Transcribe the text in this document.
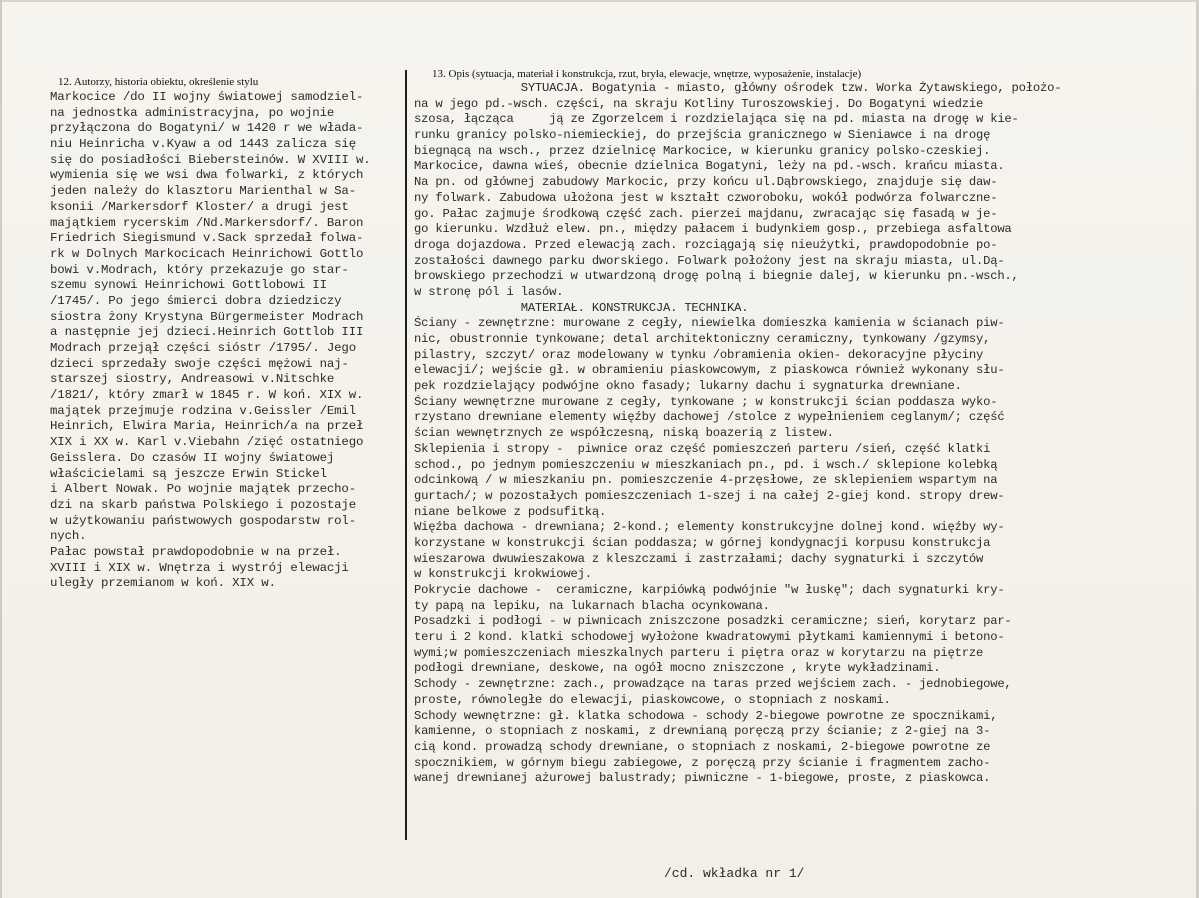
12. Autorzy, historia obiektu, określenie stylu
13. Opis (sytuacja, materiał i konstrukcja, rzut, bryła, elewacje, wnętrze, wyposażenie, instalacje)
Markocice /do II wojny światowej samodziel-
na jednostka administracyjna, po wojnie
przyłączona do Bogatyni/ w 1420 r we włada-
niu Heinricha v.Kyaw a od 1443 zalicza się
się do posiadłości Biebersteinów. W XVIII w.
wymienia się we wsi dwa folwarki, z których
jeden należy do klasztoru Marienthal w Sa-
ksonii /Markersdorf Kloster/ a drugi jest
majątkiem rycerskim /Nd.Markersdorf/. Baron
Friedrich Siegismund v.Sack sprzedał folwa-
rk w Dolnych Markocicach Heinrichowi Gottlo
bowi v.Modrach, który przekazuje go star-
szemu synowi Heinrichowi Gottlobowi II
/1745/. Po jego śmierci dobra dziedziczy
siostra żony Krystyna Bürgermeister Modrach
a następnie jej dzieci.Heinrich Gottlob III
Modrach przejął części sióstr /1795/. Jego
dzieci sprzedały swoje części mężowi naj-
starszej siostry, Andreasowi v.Nitschke
/1821/, który zmarł w 1845 r. W koń. XIX w.
majątek przejmuje rodzina v.Geissler /Emil
Heinrich, Elwira Maria, Heinrich/a na przeł
XIX i XX w. Karl v.Viebahn /zięć ostatniego
Geisslera. Do czasów II wojny światowej
właścicielami są jeszcze Erwin Stickel
i Albert Nowak. Po wojnie majątek przecho-
dzi na skarb państwa Polskiego i pozostaje
w użytkowaniu państwowych gospodarstw rol-
nych.
Pałac powstał prawdopodobnie w na przeł.
XVIII i XIX w. Wnętrza i wystrój elewacji
uległy przemianom w koń. XIX w.
SYTUACJA. Bogatynia - miasto, główny ośrodek tzw. Worka Żytawskiego, położo-
na w jego pd.-wsch. części, na skraju Kotliny Turoszowskiej. Do Bogatyni wiedzie
szosa, łącząca     ją ze Zgorzelcem i rozdzielająca się na pd. miasta na drogę w kie-
runku granicy polsko-niemieckiej, do przejścia granicznego w Sieniawce i na drogę
biegnącą na wsch., przez dzielnicę Markocice, w kierunku granicy polsko-czeskiej.
Markocice, dawna wieś, obecnie dzielnica Bogatyni, leży na pd.-wsch. krańcu miasta.
Na pn. od głównej zabudowy Markocic, przy końcu ul.Dąbrowskiego, znajduje się daw-
ny folwark. Zabudowa ułożona jest w kształt czworoboku, wokół podwórza folwarczne-
go. Pałac zajmuje środkową część zach. pierzei majdanu, zwracając się fasadą w je-
go kierunku. Wzdłuż elew. pn., między pałacem i budynkiem gosp., przebiega asfaltowa
droga dojazdowa. Przed elewacją zach. rozciągają się nieużytki, prawdopodobnie po-
zostałości dawnego parku dworskiego. Folwark położony jest na skraju miasta, ul.Dą-
browskiego przechodzi w utwardzoną drogę polną i biegnie dalej, w kierunku pn.-wsch.,
w stronę pól i lasów.
MATERIAŁ. KONSTRUKCJA. TECHNIKA.
Ściany - zewnętrzne: murowane z cegły, niewielka domieszka kamienia w ścianach piw-
nic, obustronnie tynkowane; detal architektoniczny ceramiczny, tynkowany /gzymsy,
pilastry, szczyt/ oraz modelowany w tynku /obramienia okien- dekoracyjne płyciny
elewacji/; wejście gł. w obramieniu piaskowcowym, z piaskowca również wykonany słu-
pek rozdzielający podwójne okno fasady; lukarny dachu i sygnaturka drewniane.
Ściany wewnętrzne murowane z cegły, tynkowane ; w konstrukcji ścian poddasza wyko-
rzystano drewniane elementy więźby dachowej /stolce z wypełnieniem ceglanym/; część
ścian wewnętrznych ze współczesną, niską boazerią z listew.
Sklepienia i stropy -  piwnice oraz część pomieszczeń parteru /sień, część klatki
schod., po jednym pomieszczeniu w mieszkaniach pn., pd. i wsch./ sklepione kolebką
odcinkową / w mieszkaniu pn. pomieszczenie 4-przęsłowe, ze sklepieniem wspartym na
gurtach/; w pozostałych pomieszczeniach 1-szej i na całej 2-giej kond. stropy drew-
niane belkowe z podsufitką.
Więźba dachowa - drewniana; 2-kond.; elementy konstrukcyjne dolnej kond. więźby wy-
korzystane w konstrukcji ścian poddasza; w górnej kondygnacji korpusu konstrukcja
wieszarowa dwuwieszakowa z kleszczami i zastrzałami; dachy sygnaturki i szczytów
w konstrukcji krokwiowej.
Pokrycie dachowe -  ceramiczne, karpiówką podwójnie "w łuskę"; dach sygnaturki kry-
ty papą na lepiku, na lukarnach blacha ocynkowana.
Posadzki i podłogi - w piwnicach zniszczone posadzki ceramiczne; sień, korytarz par-
teru i 2 kond. klatki schodowej wyłożone kwadratowymi płytkami kamiennymi i betono-
wymi;w pomieszczeniach mieszkalnych parteru i piętra oraz w korytarzu na piętrze
podłogi drewniane, deskowe, na ogół mocno zniszczone , kryte wykładzinami.
Schody - zewnętrzne: zach., prowadzące na taras przed wejściem zach. - jednobiegowe,
proste, równoległe do elewacji, piaskowcowe, o stopniach z noskami.
Schody wewnętrzne: gł. klatka schodowa - schody 2-biegowe powrotne ze spocznikami,
kamienne, o stopniach z noskami, z drewnianą poręczą przy ścianie; z 2-giej na 3-
cią kond. prowadzą schody drewniane, o stopniach z noskami, 2-biegowe powrotne ze
spocznikiem, w górnym biegu zabiegowe, z poręczą przy ścianie i fragmentem zacho-
wanej drewnianej ażurowej balustrady; piwniczne - 1-biegowe, proste, z piaskowca.
/cd. wkładka nr 1/
